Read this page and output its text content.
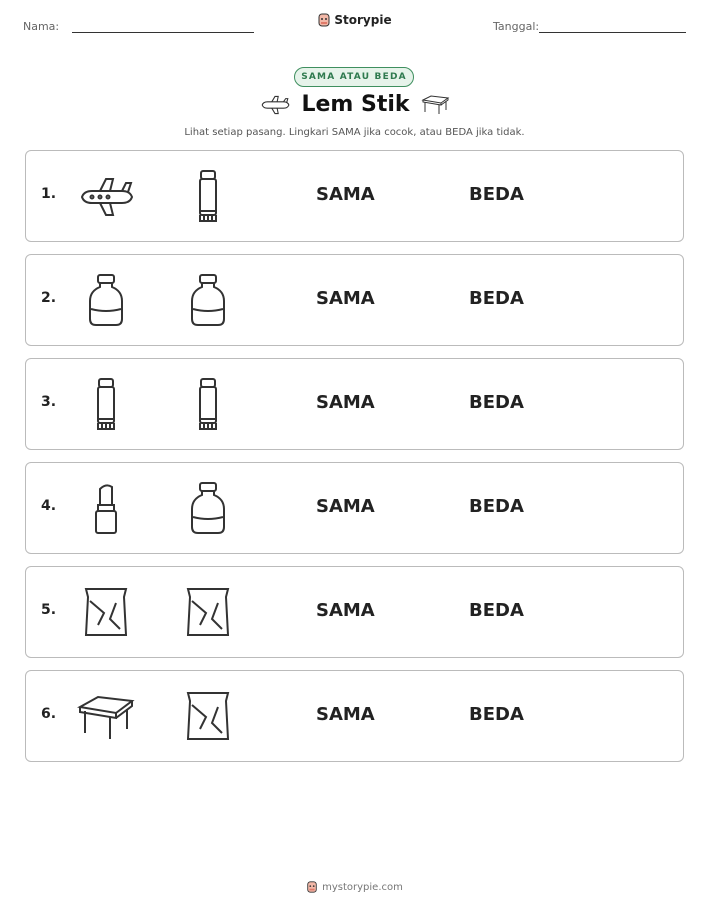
Nama:	Storypie	Tanggal:
SAMA ATAU BEDA
Lem Stik
Lihat setiap pasang. Lingkari SAMA jika cocok, atau BEDA jika tidak.
1.	SAMA	BEDA
2.	SAMA	BEDA
3.	SAMA	BEDA
4.	SAMA	BEDA
5.	SAMA	BEDA
6.	SAMA	BEDA
mystorypie.com
